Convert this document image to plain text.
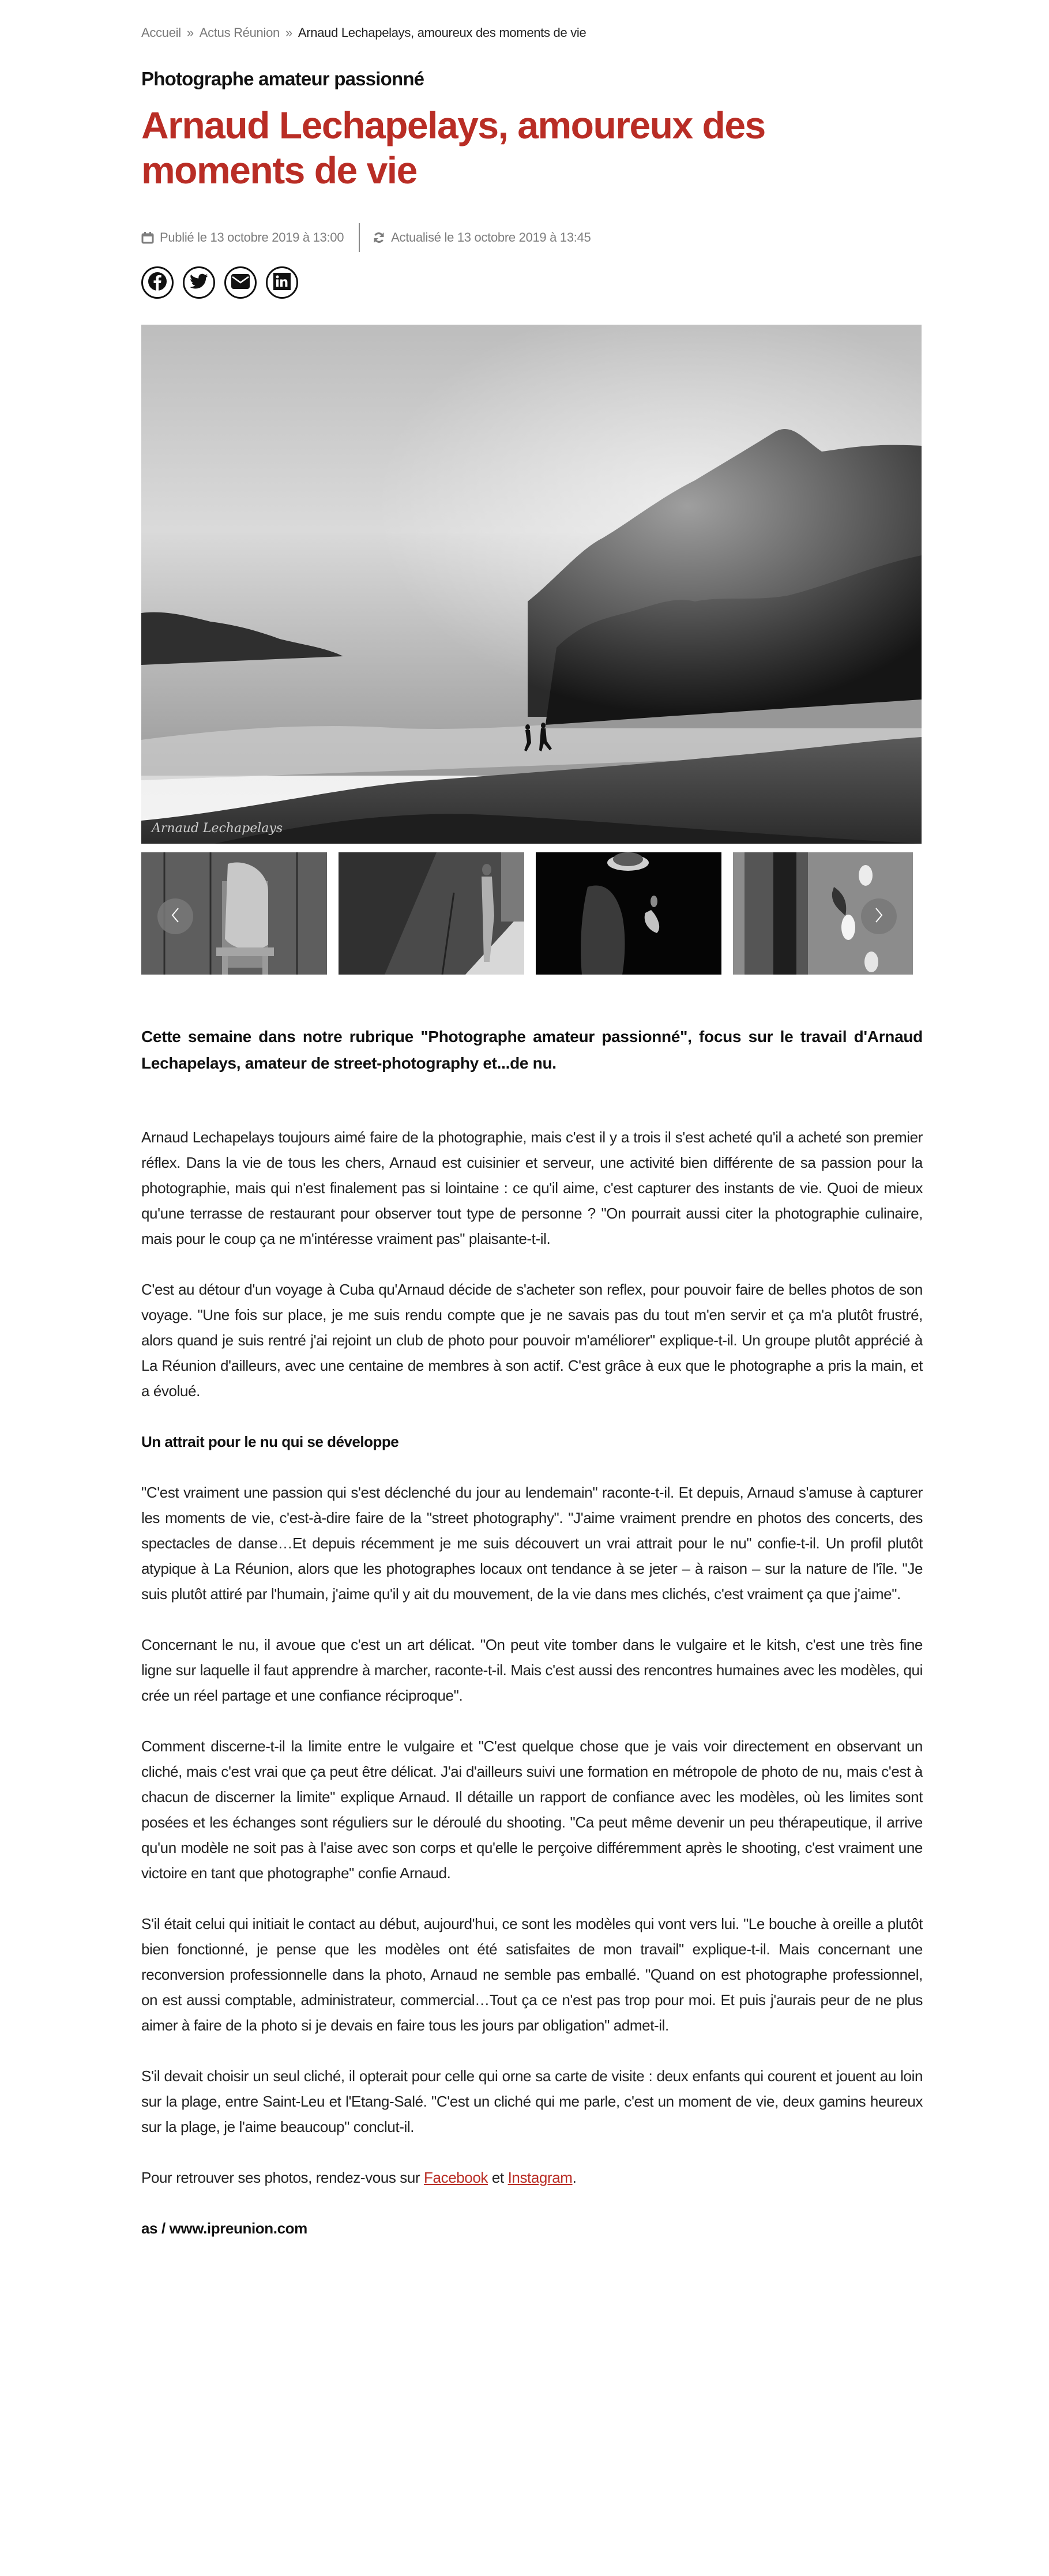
Accueil » Actus Réunion » Arnaud Lechapelays, amoureux des moments de vie
Photographe amateur passionné
Arnaud Lechapelays, amoureux des moments de vie
Publié le 13 octobre 2019 à 13:00	Actualisé le 13 octobre 2019 à 13:45
Arnaud Lechapelays

Cette semaine dans notre rubrique "Photographe amateur passionné", focus sur le travail d'Arnaud Lechapelays, amateur de street-photography et...de nu.

Arnaud Lechapelays toujours aimé faire de la photographie, mais c'est il y a trois il s'est acheté qu'il a acheté son premier réflex. Dans la vie de tous les chers, Arnaud est cuisinier et serveur, une activité bien différente de sa passion pour la photographie, mais qui n'est finalement pas si lointaine : ce qu'il aime, c'est capturer des instants de vie. Quoi de mieux qu'une terrasse de restaurant pour observer tout type de personne ? "On pourrait aussi citer la photographie culinaire, mais pour le coup ça ne m'intéresse vraiment pas" plaisante-t-il.

C'est au détour d'un voyage à Cuba qu'Arnaud décide de s'acheter son reflex, pour pouvoir faire de belles photos de son voyage. "Une fois sur place, je me suis rendu compte que je ne savais pas du tout m'en servir et ça m'a plutôt frustré, alors quand je suis rentré j'ai rejoint un club de photo pour pouvoir m'améliorer" explique-t-il. Un groupe plutôt apprécié à La Réunion d'ailleurs, avec une centaine de membres à son actif. C'est grâce à eux que le photographe a pris la main, et a évolué.

Un attrait pour le nu qui se développe

"C'est vraiment une passion qui s'est déclenché du jour au lendemain" raconte-t-il. Et depuis, Arnaud s'amuse à capturer les moments de vie, c'est-à-dire faire de la "street photography". "J'aime vraiment prendre en photos des concerts, des spectacles de danse…Et depuis récemment je me suis découvert un vrai attrait pour le nu" confie-t-il. Un profil plutôt atypique à La Réunion, alors que les photographes locaux ont tendance à se jeter – à raison – sur la nature de l'île. "Je suis plutôt attiré par l'humain, j'aime qu'il y ait du mouvement, de la vie dans mes clichés, c'est vraiment ça que j'aime".

Concernant le nu, il avoue que c'est un art délicat. "On peut vite tomber dans le vulgaire et le kitsh, c'est une très fine ligne sur laquelle il faut apprendre à marcher, raconte-t-il. Mais c'est aussi des rencontres humaines avec les modèles, qui crée un réel partage et une confiance réciproque".

Comment discerne-t-il la limite entre le vulgaire et "C'est quelque chose que je vais voir directement en observant un cliché, mais c'est vrai que ça peut être délicat. J'ai d'ailleurs suivi une formation en métropole de photo de nu, mais c'est à chacun de discerner la limite" explique Arnaud. Il détaille un rapport de confiance avec les modèles, où les limites sont posées et les échanges sont réguliers sur le déroulé du shooting. "Ca peut même devenir un peu thérapeutique, il arrive qu'un modèle ne soit pas à l'aise avec son corps et qu'elle le perçoive différemment après le shooting, c'est vraiment une victoire en tant que photographe" confie Arnaud.

S'il était celui qui initiait le contact au début, aujourd'hui, ce sont les modèles qui vont vers lui. "Le bouche à oreille a plutôt bien fonctionné, je pense que les modèles ont été satisfaites de mon travail" explique-t-il. Mais concernant une reconversion professionnelle dans la photo, Arnaud ne semble pas emballé. "Quand on est photographe professionnel, on est aussi comptable, administrateur, commercial…Tout ça ce n'est pas trop pour moi. Et puis j'aurais peur de ne plus aimer à faire de la photo si je devais en faire tous les jours par obligation" admet-il.

S'il devait choisir un seul cliché, il opterait pour celle qui orne sa carte de visite : deux enfants qui courent et jouent au loin sur la plage, entre Saint-Leu et l'Etang-Salé. "C'est un cliché qui me parle, c'est un moment de vie, deux gamins heureux sur la plage, je l'aime beaucoup" conclut-il.

Pour retrouver ses photos, rendez-vous sur Facebook et Instagram.

as / www.ipreunion.com
